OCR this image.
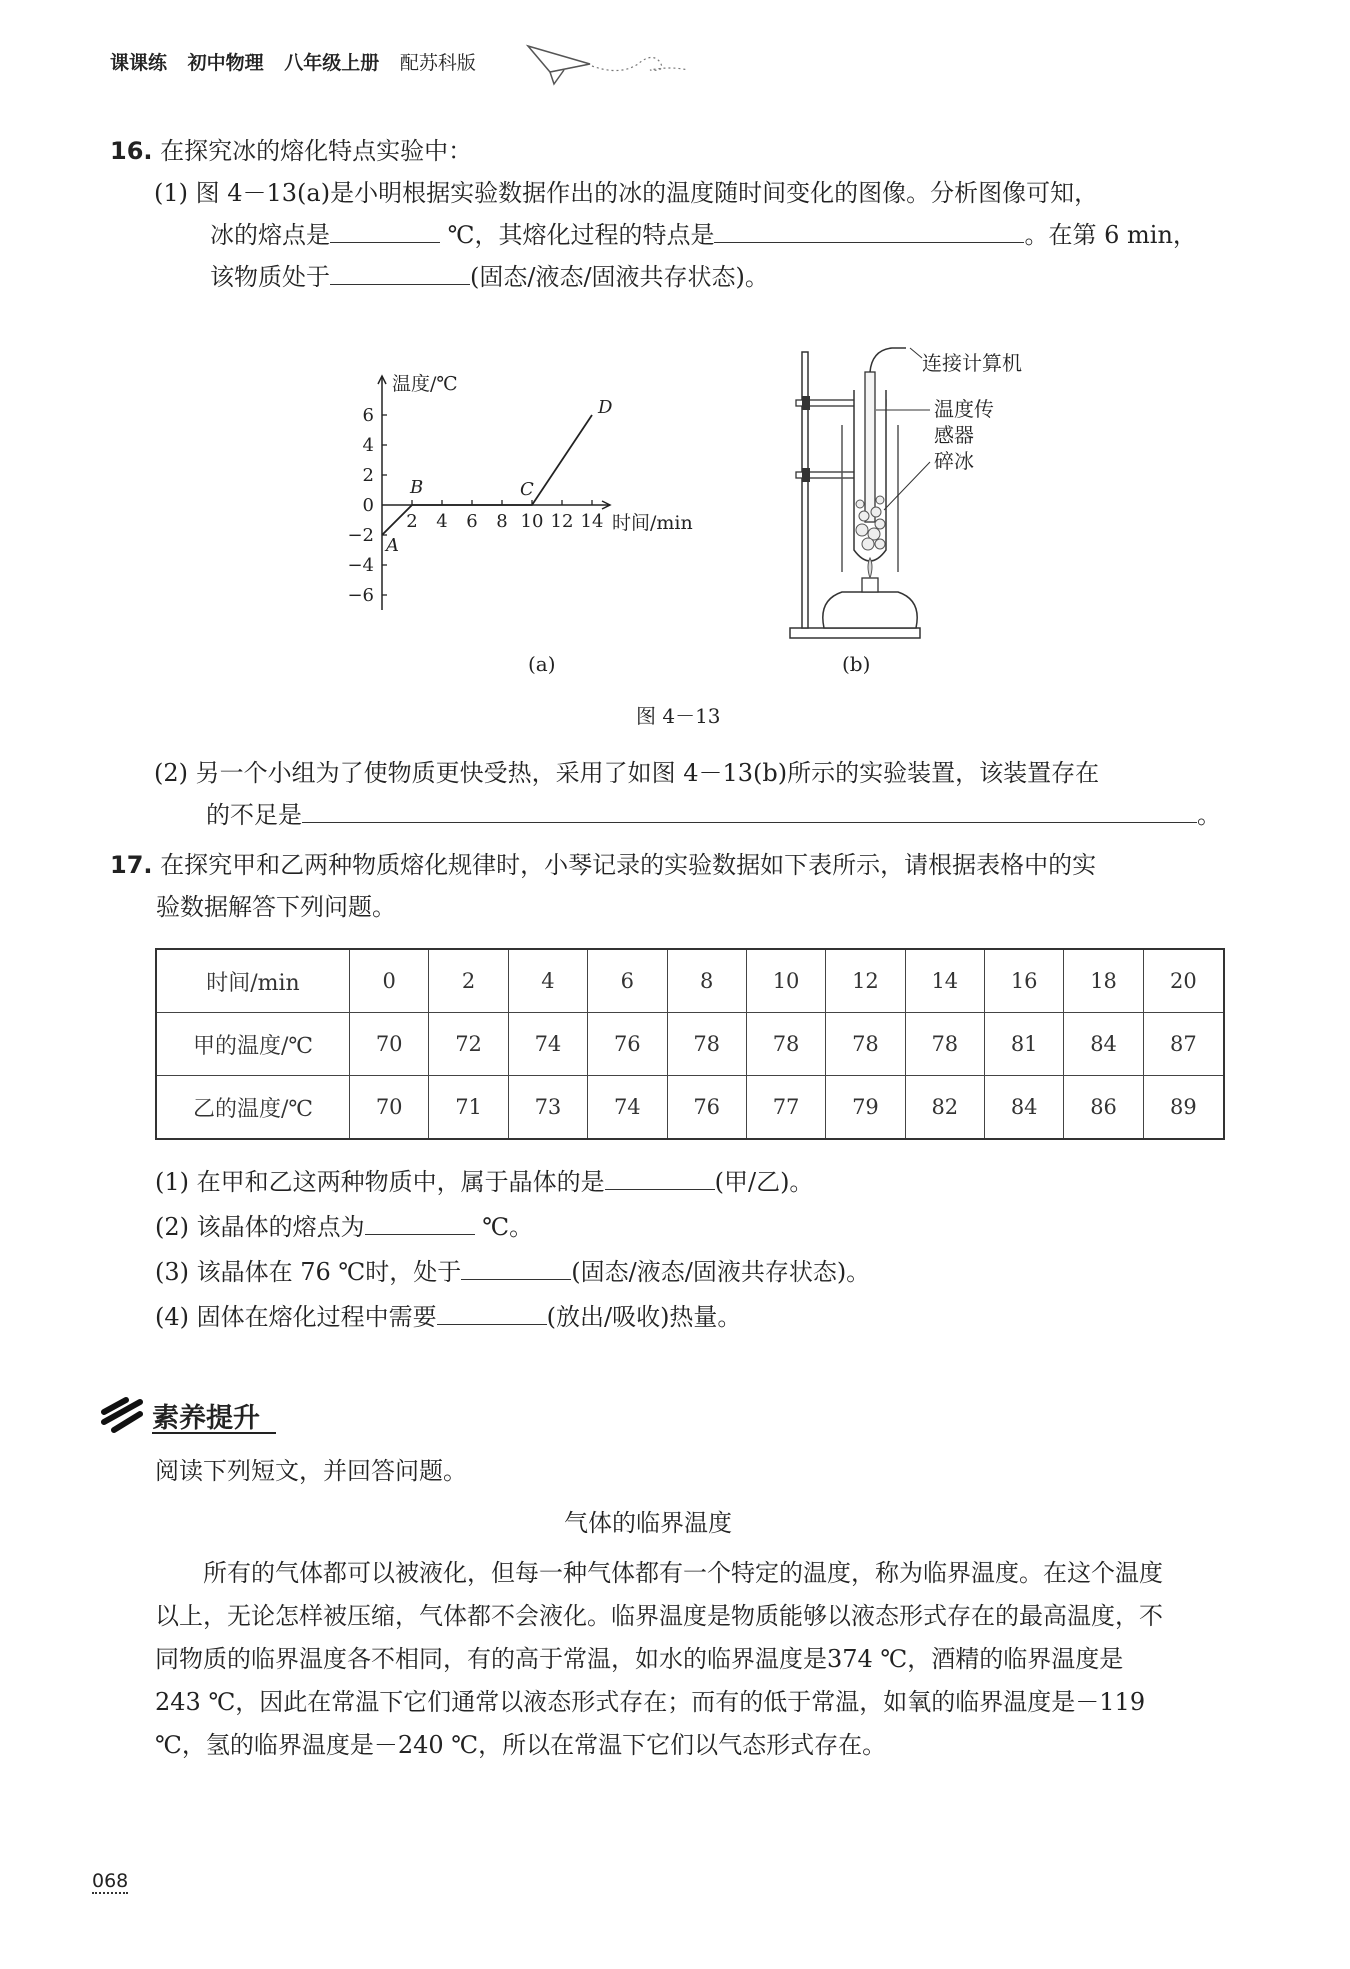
课课练 初中物理 八年级上册 配苏科版
16. 在探究冰的熔化特点实验中：
(1) 图 4－13(a)是小明根据实验数据作出的冰的温度随时间变化的图像。分析图像可知，
冰的熔点是	℃，其熔化过程的特点是	。在第 6 min，
该物质处于	(固态/液态/固液共存状态)。
6
4
2
0
−2
−4
−6
2 4 6 8 10 12 14
温度/℃
时间/min
A
B	C
D
(a)
连接计算机
温度传
感器
碎冰
(b)
图 4－13
(2) 另一个小组为了使物质更快受热，采用了如图 4－13(b)所示的实验装置，该装置存在
的不足是	。
17. 在探究甲和乙两种物质熔化规律时，小琴记录的实验数据如下表所示，请根据表格中的实
验数据解答下列问题。
时间/min	0	2	4	6	8	10	12	14	16	18	20
甲的温度/℃	70	72	74	76	78	78	78	78	81	84	87
乙的温度/℃	70	71	73	74	76	77	79	82	84	86	89
(1) 在甲和乙这两种物质中，属于晶体的是	(甲/乙)。
(2) 该晶体的熔点为	℃。
(3) 该晶体在 76 ℃时，处于	(固态/液态/固液共存状态)。
(4) 固体在熔化过程中需要	(放出/吸收)热量。
素养提升
阅读下列短文，并回答问题。
气体的临界温度

所有的气体都可以被液化，但每一种气体都有一个特定的温度，称为临界温度。在这个温度以上，无论怎样被压缩，气体都不会液化。临界温度是物质能够以液态形式存在的最高温度，不同物质的临界温度各不相同，有的高于常温，如水的临界温度是374 ℃，酒精的临界温度是 243 ℃，因此在常温下它们通常以液态形式存在；而有的低于常温，如氧的临界温度是－119 ℃，氢的临界温度是－240 ℃，所以在常温下它们以气态形式存在。

068
